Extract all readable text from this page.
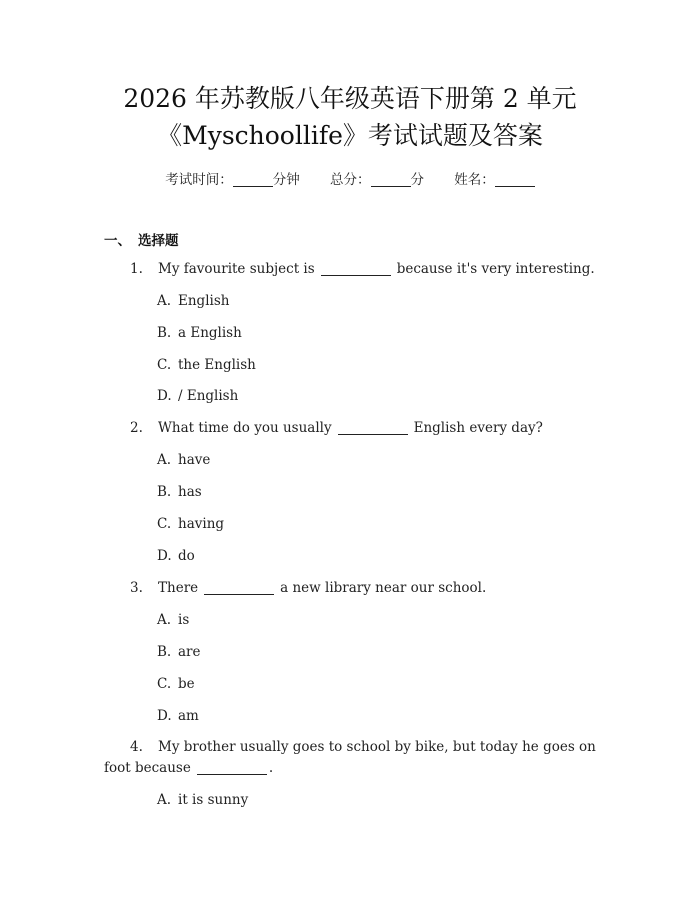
2026 年苏教版八年级英语下册第 2 单元
《Myschoollife》考试试题及答案
考试时间：	分钟 总分：	分 姓名：
一、 选择题
1. My favourite subject is	because it's very interesting.
A. English
B. a English
C. the English
D. / English
2. What time do you usually	English every day?
A. have
B. has
C. having
D. do
3. There	a new library near our school.
A. is
B. are
C. be
D. am
4. My brother usually goes to school by bike, but today he goes on
foot because	.
A. it is sunny
